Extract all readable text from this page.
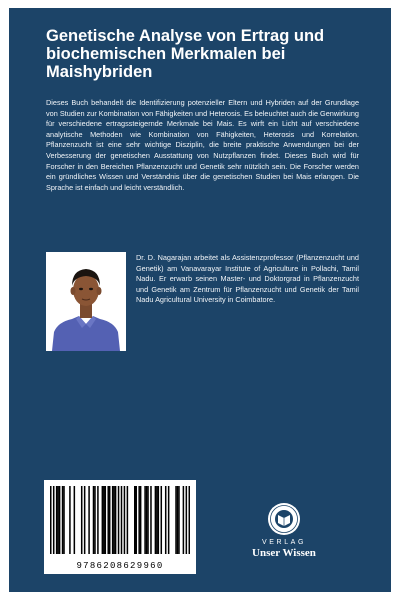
Genetische Analyse von Ertrag und biochemischen Merkmalen bei Maishybriden

Dieses Buch behandelt die Identifizierung potenzieller Eltern und Hybriden auf der Grundlage von Studien zur Kombination von Fähigkeiten und Heterosis. Es beleuchtet auch die Genwirkung für verschiedene ertragssteigernde Merkmale bei Mais. Es wirft ein Licht auf verschiedene analytische Methoden wie Kombination von Fähigkeiten, Heterosis und Korrelation. Pflanzenzucht ist eine sehr wichtige Disziplin, die breite praktische Anwendungen bei der Verbesserung der genetischen Ausstattung von Nutzpflanzen findet. Dieses Buch wird für Forscher in den Bereichen Pflanzenzucht und Genetik sehr nützlich sein. Die Forscher werden ein gründliches Wissen und Verständnis über die genetischen Studien bei Mais erlangen. Die Sprache ist einfach und leicht verständlich.

Dr. D. Nagarajan arbeitet als Assistenzprofessor (Pflanzenzucht und Genetik) am Vanavarayar Institute of Agriculture in Pollachi, Tamil Nadu. Er erwarb seinen Master- und Doktorgrad in Pflanzenzucht und Genetik am Zentrum für Pflanzenzucht und Genetik der Tamil Nadu Agricultural University in Coimbatore.

9786208629960
VERLAG
Unser Wissen
